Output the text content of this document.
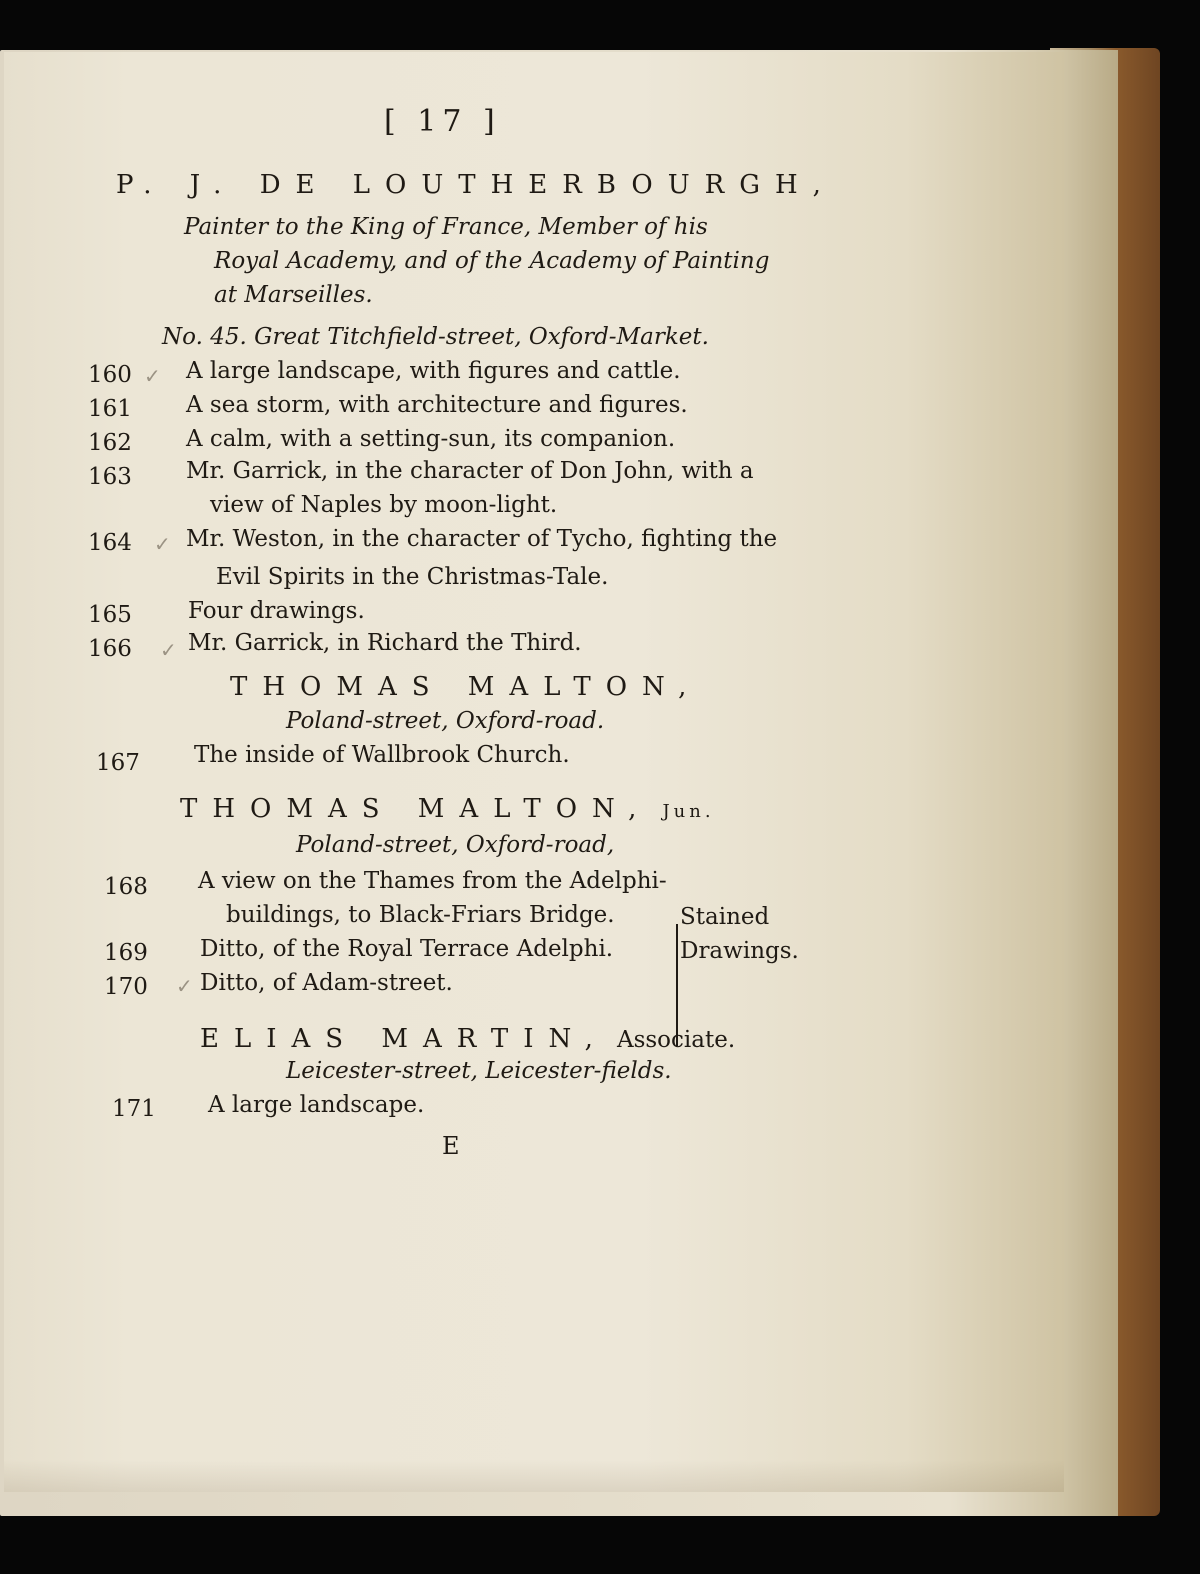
[ 17 ]
P. J. DE LOUTHERBOURGH,
Painter to the King of France, Member of his
Royal Academy, and of the Academy of Painting
at Marseilles.
No. 45. Great Titchfield-street, Oxford-Market.
160 ✓ A large landscape, with figures and cattle.
161 A sea storm, with architecture and figures.
162 A calm, with a setting-sun, its companion.
163 Mr. Garrick, in the character of Don John, with a
view of Naples by moon-light.
164 ✓ Mr. Weston, in the character of Tycho, fighting the
Evil Spirits in the Christmas-Tale.
165 Four drawings.
166 ✓ Mr. Garrick, in Richard the Third.
THOMAS MALTON,
Poland-street, Oxford-road.
167 The inside of Wallbrook Church.
THOMAS MALTON, Jun.
Poland-street, Oxford-road,
168 A view on the Thames from the Adelphi-
buildings, to Black-Friars Bridge.
169 Ditto, of the Royal Terrace Adelphi.
170 ✓ Ditto, of Adam-street.
Stained
Drawings.
ELIAS MARTIN, Associate.
Leicester-street, Leicester-fields.
171 A large landscape.
E
